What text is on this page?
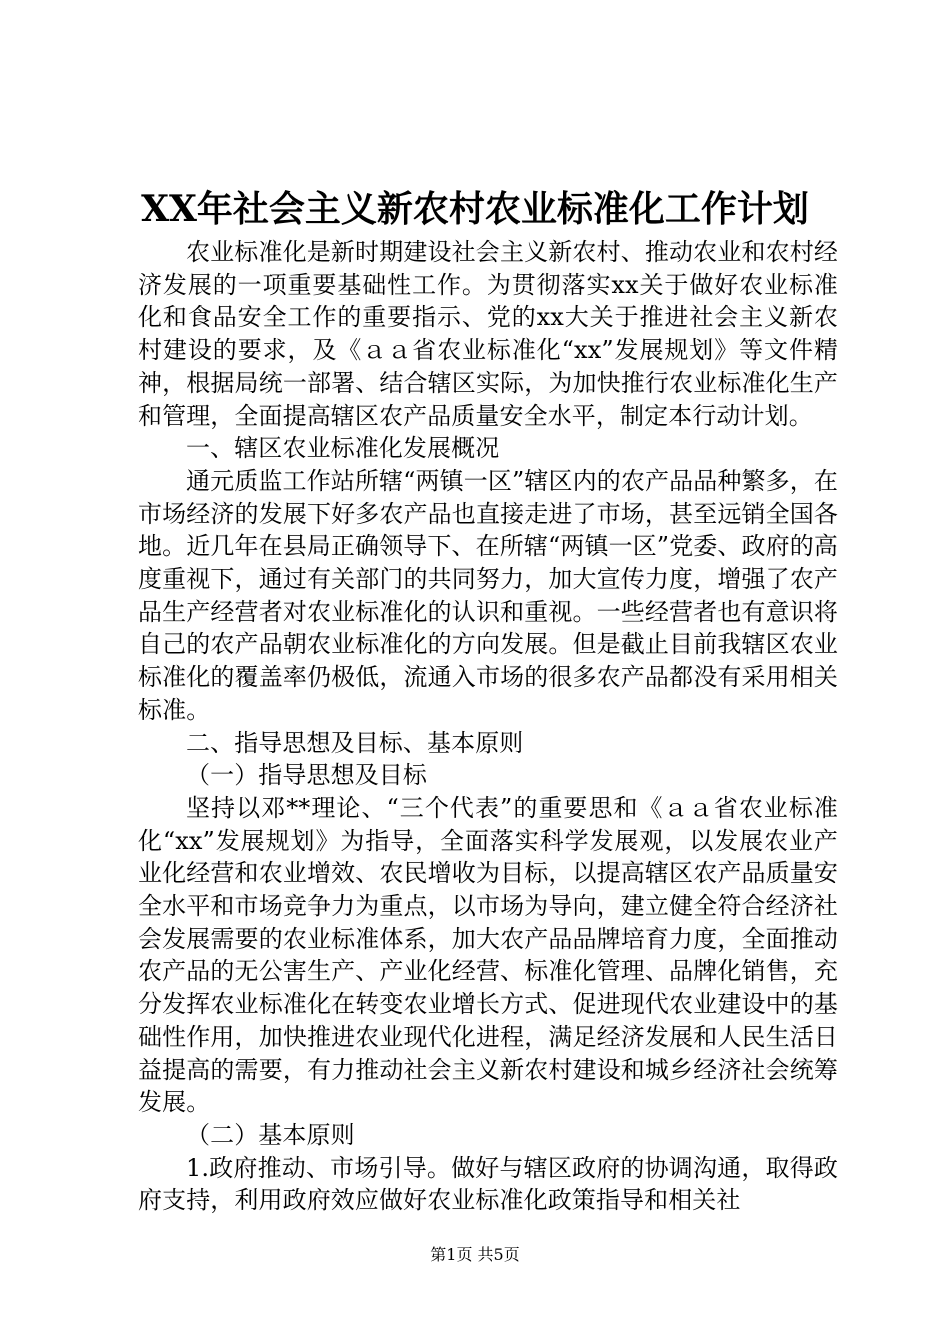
XX年社会主义新农村农业标准化工作计划

农业标准化是新时期建设社会主义新农村、推动农业和农村经济发展的一项重要基础性工作。为贯彻落实xx关于做好农业标准化和食品安全工作的重要指示、党的xx大关于推进社会主义新农村建设的要求，及《ａａ省农业标准化“xx”发展规划》等文件精神，根据局统一部署、结合辖区实际，为加快推行农业标准化生产和管理，全面提高辖区农产品质量安全水平，制定本行动计划。

一、辖区农业标准化发展概况

通元质监工作站所辖“两镇一区”辖区内的农产品品种繁多，在市场经济的发展下好多农产品也直接走进了市场，甚至远销全国各地。近几年在县局正确领导下、在所辖“两镇一区”党委、政府的高度重视下，通过有关部门的共同努力，加大宣传力度，增强了农产品生产经营者对农业标准化的认识和重视。一些经营者也有意识将自己的农产品朝农业标准化的方向发展。但是截止目前我辖区农业标准化的覆盖率仍极低，流通入市场的很多农产品都没有采用相关标准。

二、指导思想及目标、基本原则

（一）指导思想及目标

坚持以邓**理论、“三个代表”的重要思和《ａａ省农业标准化“xx”发展规划》为指导，全面落实科学发展观，以发展农业产业化经营和农业增效、农民增收为目标，以提高辖区农产品质量安全水平和市场竞争力为重点，以市场为导向，建立健全符合经济社会发展需要的农业标准体系，加大农产品品牌培育力度，全面推动农产品的无公害生产、产业化经营、标准化管理、品牌化销售，充分发挥农业标准化在转变农业增长方式、促进现代农业建设中的基础性作用，加快推进农业现代化进程，满足经济发展和人民生活日益提高的需要，有力推动社会主义新农村建设和城乡经济社会统筹发展。

（二）基本原则

1.政府推动、市场引导。做好与辖区政府的协调沟通，取得政府支持，利用政府效应做好农业标准化政策指导和相关社

第1页 共5页
